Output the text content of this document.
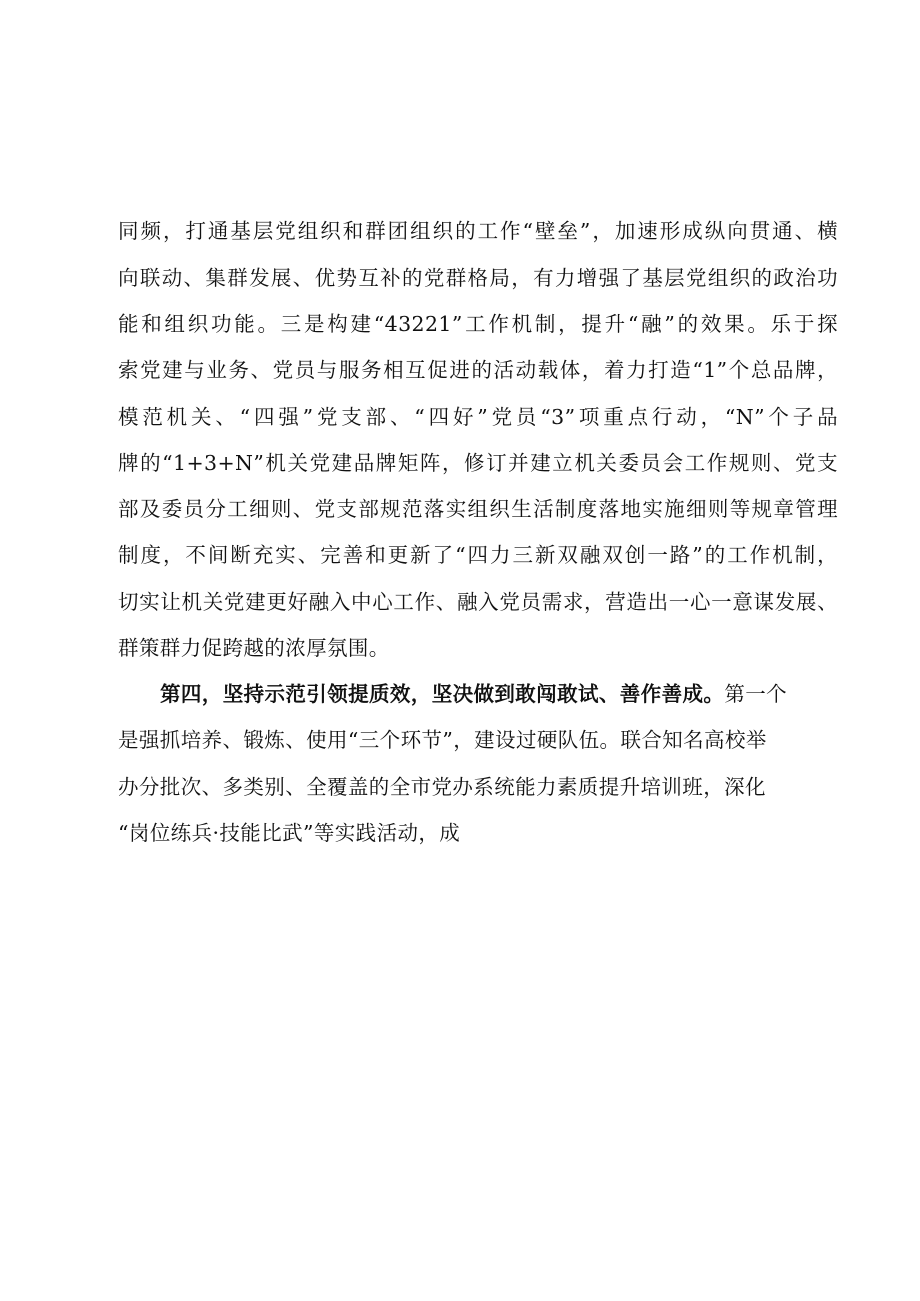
同频，打通基层党组织和群团组织的工作“壁垒”，加速形成纵向贯通、横
向联动、集群发展、优势互补的党群格局，有力增强了基层党组织的政治功
能和组织功能。三是构建“43221”工作机制，提升“融”的效果。乐于探
索党建与业务、党员与服务相互促进的活动载体，着力打造“1”个总品牌，
模范机关、“四强”党支部、“四好”党员“3”项重点行动，“N”个子品
牌的“1+3+N”机关党建品牌矩阵，修订并建立机关委员会工作规则、党支
部及委员分工细则、党支部规范落实组织生活制度落地实施细则等规章管理
制度，不间断充实、完善和更新了“四力三新双融双创一路”的工作机制，
切实让机关党建更好融入中心工作、融入党员需求，营造出一心一意谋发展、
群策群力促跨越的浓厚氛围。
第四，坚持示范引领提质效，坚决做到敢闯敢试、善作善成。第一个
是强抓培养、锻炼、使用“三个环节”，建设过硬队伍。联合知名高校举
办分批次、多类别、全覆盖的全市党办系统能力素质提升培训班，深化
“岗位练兵·技能比武”等实践活动，成
